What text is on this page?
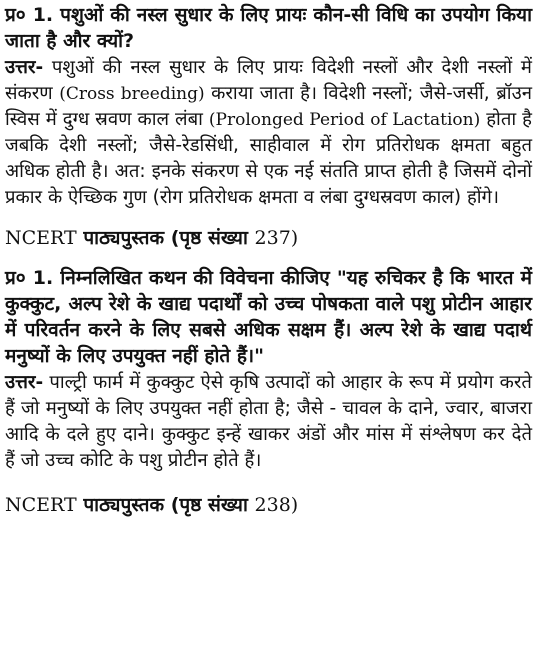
प्र० 1. पशुओं की नस्ल सुधार के लिए प्रायः कौन-सी विधि का उपयोग किया जाता है और क्यों?

उत्तर- पशुओं की नस्ल सुधार के लिए प्रायः विदेशी नस्लों और देशी नस्लों में संकरण (Cross breeding) कराया जाता है। विदेशी नस्लों; जैसे-जर्सी, ब्रॉउन स्विस में दुग्ध स्रवण काल लंबा (Prolonged Period of Lactation) होता है जबकि देशी नस्लों; जैसे-रेडसिंधी, साहीवाल में रोग प्रतिरोधक क्षमता बहुत अधिक होती है। अत: इनके संकरण से एक नई संतति प्राप्त होती है जिसमें दोनों प्रकार के ऐच्छिक गुण (रोग प्रतिरोधक क्षमता व लंबा दुग्धस्रवण काल) होंगे।

NCERT पाठ्यपुस्तक (पृष्ठ संख्या 237)

प्र० 1. निम्नलिखित कथन की विवेचना कीजिए "यह रुचिकर है कि भारत में कुक्कुट, अल्प रेशे के खाद्य पदार्थों को उच्च पोषकता वाले पशु प्रोटीन आहार में परिवर्तन करने के लिए सबसे अधिक सक्षम हैं। अल्प रेशे के खाद्य पदार्थ मनुष्यों के लिए उपयुक्त नहीं होते हैं।"

उत्तर- पाल्ट्री फार्म में कुक्कुट ऐसे कृषि उत्पादों को आहार के रूप में प्रयोग करते हैं जो मनुष्यों के लिए उपयुक्त नहीं होता है; जैसे - चावल के दाने, ज्वार, बाजरा आदि के दले हुए दाने। कुक्कुट इन्हें खाकर अंडों और मांस में संश्लेषण कर देते हैं जो उच्च कोटि के पशु प्रोटीन होते हैं।

NCERT पाठ्यपुस्तक (पृष्ठ संख्या 238)
